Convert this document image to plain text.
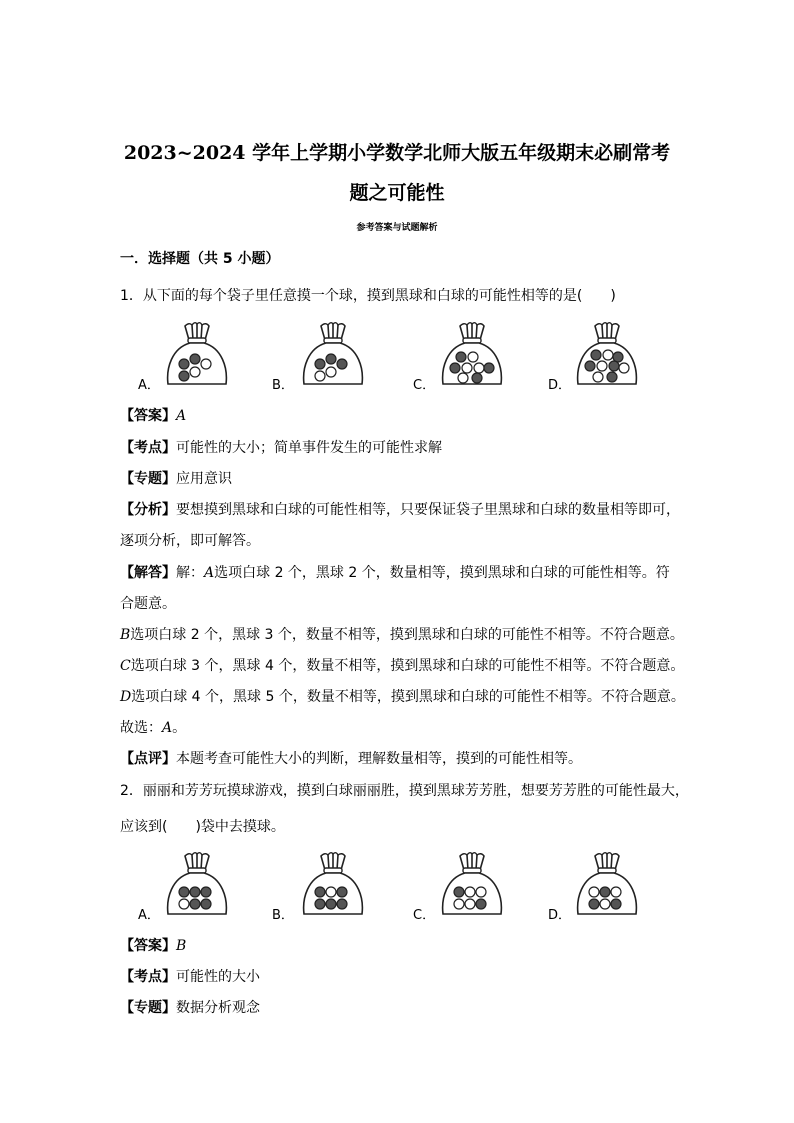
2023~2024 学年上学期小学数学北师大版五年级期末必刷常考
题之可能性
参考答案与试题解析
一．选择题（共 5 小题）
1．从下面的每个袋子里任意摸一个球，摸到黑球和白球的可能性相等的是(　　)
A．	B．	C．	D．
【答案】A
【考点】可能性的大小；简单事件发生的可能性求解
【专题】应用意识
【分析】要想摸到黑球和白球的可能性相等，只要保证袋子里黑球和白球的数量相等即可，
逐项分析，即可解答。
【解答】解：A选项白球 2 个，黑球 2 个，数量相等，摸到黑球和白球的可能性相等。符
合题意。
B选项白球 2 个，黑球 3 个，数量不相等，摸到黑球和白球的可能性不相等。不符合题意。
C选项白球 3 个，黑球 4 个，数量不相等，摸到黑球和白球的可能性不相等。不符合题意。
D选项白球 4 个，黑球 5 个，数量不相等，摸到黑球和白球的可能性不相等。不符合题意。
故选：A。
【点评】本题考查可能性大小的判断，理解数量相等，摸到的可能性相等。
2．丽丽和芳芳玩摸球游戏，摸到白球丽丽胜，摸到黑球芳芳胜，想要芳芳胜的可能性最大，
应该到(　　)袋中去摸球。
A．	B．	C．	D．
【答案】B
【考点】可能性的大小
【专题】数据分析观念
